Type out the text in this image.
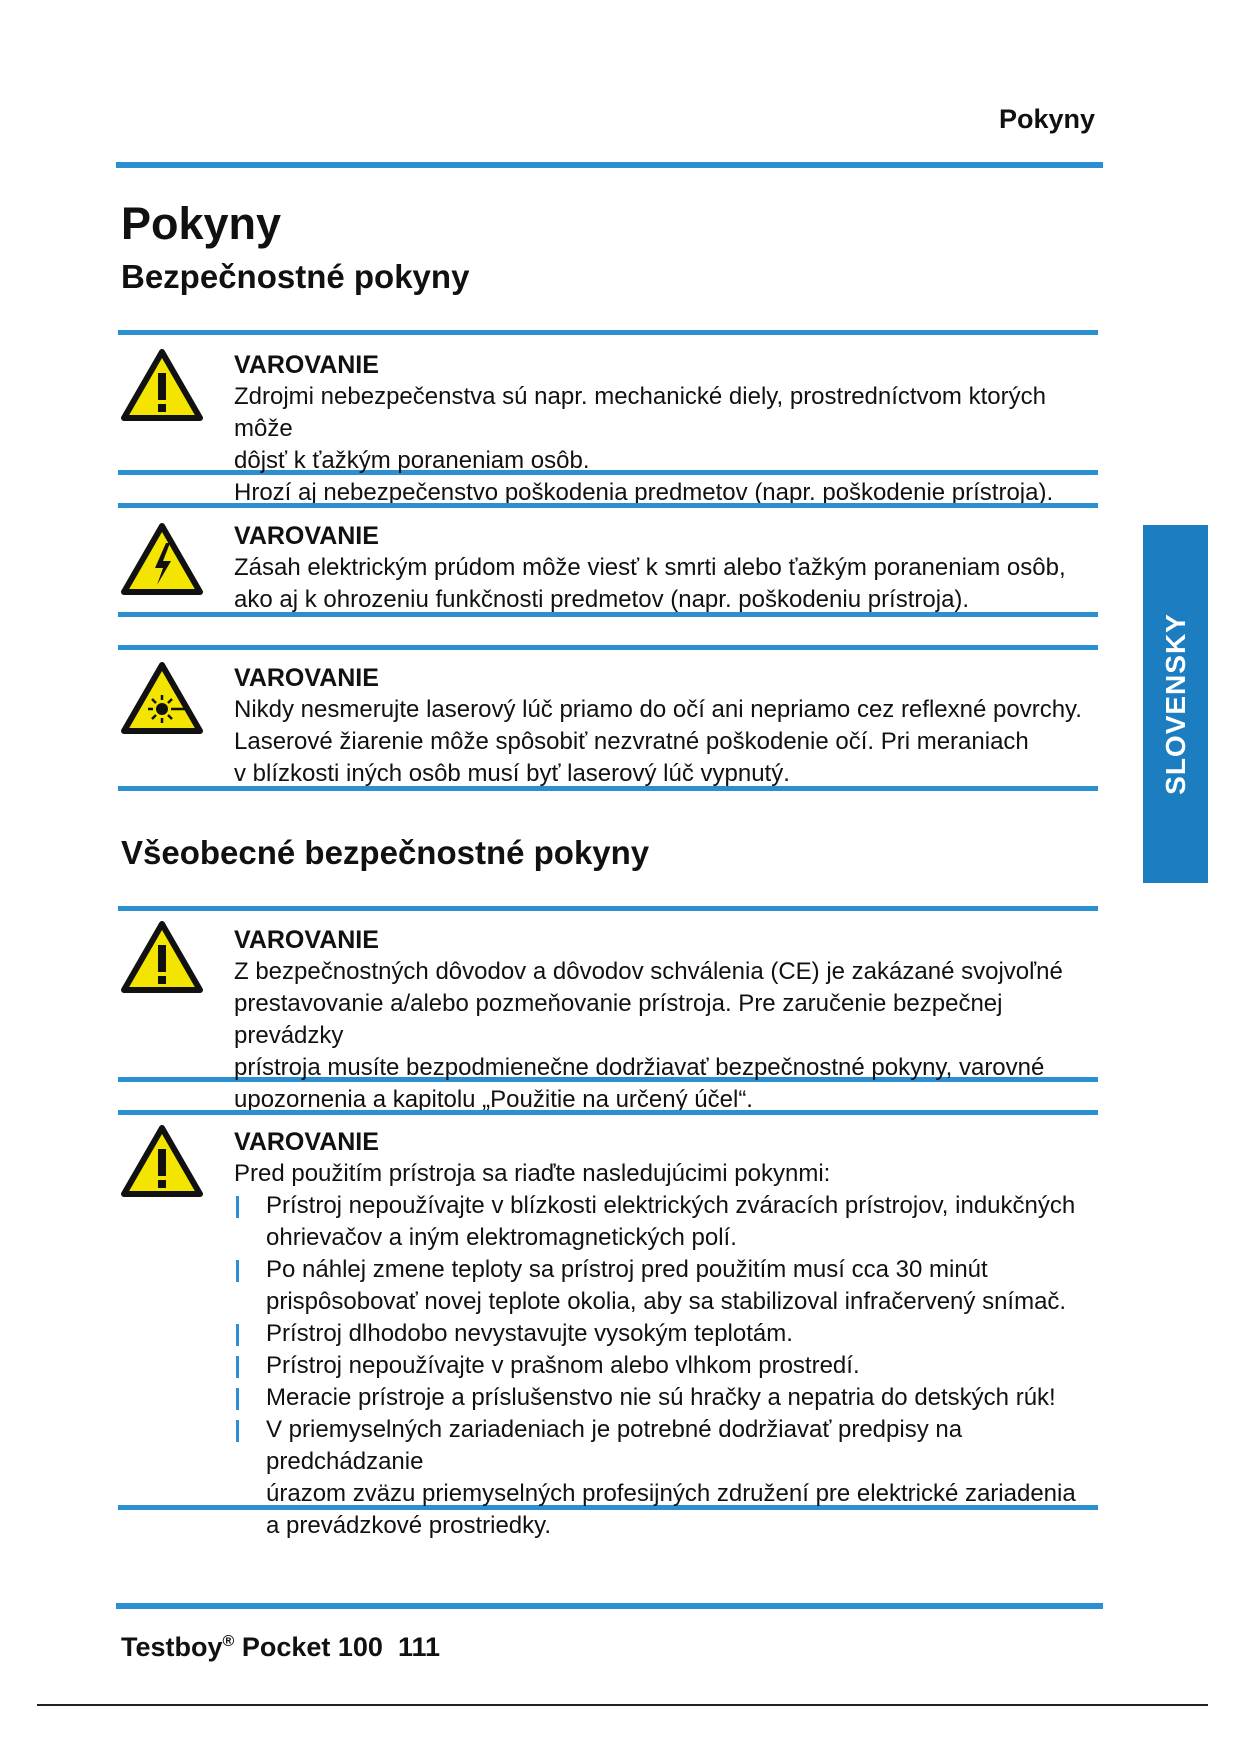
Pokyny
Pokyny
Bezpečnostné pokyny
VAROVANIE
Zdrojmi nebezpečenstva sú napr. mechanické diely, prostredníctvom ktorých môže
dôjsť k ťažkým poraneniam osôb.
Hrozí aj nebezpečenstvo poškodenia predmetov (napr. poškodenie prístroja).
VAROVANIE
Zásah elektrickým prúdom môže viesť k smrti alebo ťažkým poraneniam osôb,
ako aj k ohrozeniu funkčnosti predmetov (napr. poškodeniu prístroja).
VAROVANIE
Nikdy nesmerujte laserový lúč priamo do očí ani nepriamo cez reflexné povrchy.
Laserové žiarenie môže spôsobiť nezvratné poškodenie očí. Pri meraniach
v blízkosti iných osôb musí byť laserový lúč vypnutý.
Všeobecné bezpečnostné pokyny
VAROVANIE
Z bezpečnostných dôvodov a dôvodov schválenia (CE) je zakázané svojvoľné
prestavovanie a/alebo pozmeňovanie prístroja. Pre zaručenie bezpečnej prevádzky
prístroja musíte bezpodmienečne dodržiavať bezpečnostné pokyny, varovné
upozornenia a kapitolu „Použitie na určený účel“.
VAROVANIE
Pred použitím prístroja sa riaďte nasledujúcimi pokynmi:
Prístroj nepoužívajte v blízkosti elektrických zváracích prístrojov, indukčných
ohrievačov a iným elektromagnetických polí.
Po náhlej zmene teploty sa prístroj pred použitím musí cca 30 minút
prispôsobovať novej teplote okolia, aby sa stabilizoval infračervený snímač.
Prístroj dlhodobo nevystavujte vysokým teplotám.
Prístroj nepoužívajte v prašnom alebo vlhkom prostredí.
Meracie prístroje a príslušenstvo nie sú hračky a nepatria do detských rúk!
V priemyselných zariadeniach je potrebné dodržiavať predpisy na predchádzanie
úrazom zväzu priemyselných profesijných združení pre elektrické zariadenia
a prevádzkové prostriedky.
SLOVENSKY
Testboy® Pocket 100 111
